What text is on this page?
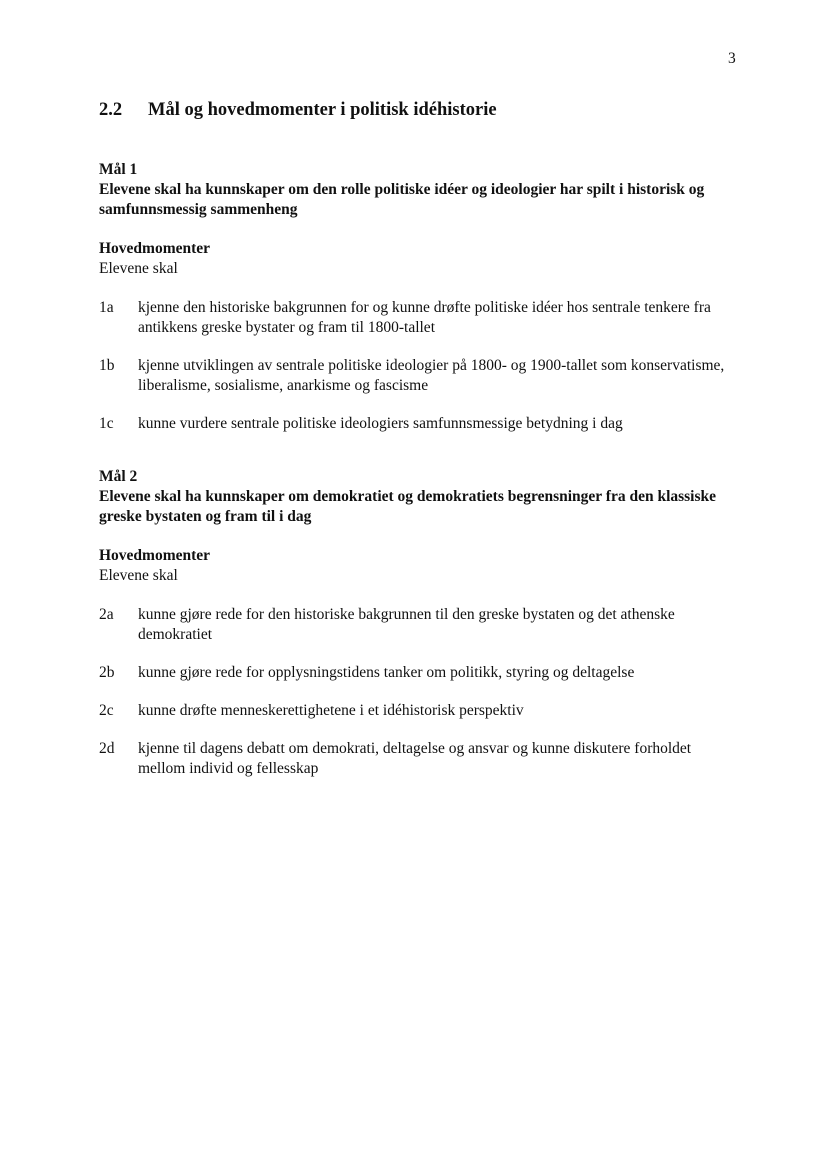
3
2.2 Mål og hovedmomenter i politisk idéhistorie
Mål 1

Elevene skal ha kunnskaper om den rolle politiske idéer og ideologier har spilt i historisk og samfunnsmessig sammenheng

Hovedmomenter
Elevene skal
1a	kjenne den historiske bakgrunnen for og kunne drøfte politiske idéer hos sentrale tenkere fra antikkens greske bystater og fram til 1800-tallet
1b	kjenne utviklingen av sentrale politiske ideologier på 1800- og 1900-tallet som konservatisme, liberalisme, sosialisme, anarkisme og fascisme
1c	kunne vurdere sentrale politiske ideologiers samfunnsmessige betydning i dag
Mål 2

Elevene skal ha kunnskaper om demokratiet og demokratiets begrensninger fra den klassiske greske bystaten og fram til i dag

Hovedmomenter
Elevene skal
2a	kunne gjøre rede for den historiske bakgrunnen til den greske bystaten og det athenske demokratiet
2b	kunne gjøre rede for opplysningstidens tanker om politikk, styring og deltagelse
2c	kunne drøfte menneskerettighetene i et idéhistorisk perspektiv
2d	kjenne til dagens debatt om demokrati, deltagelse og ansvar og kunne diskutere forholdet mellom individ og fellesskap
